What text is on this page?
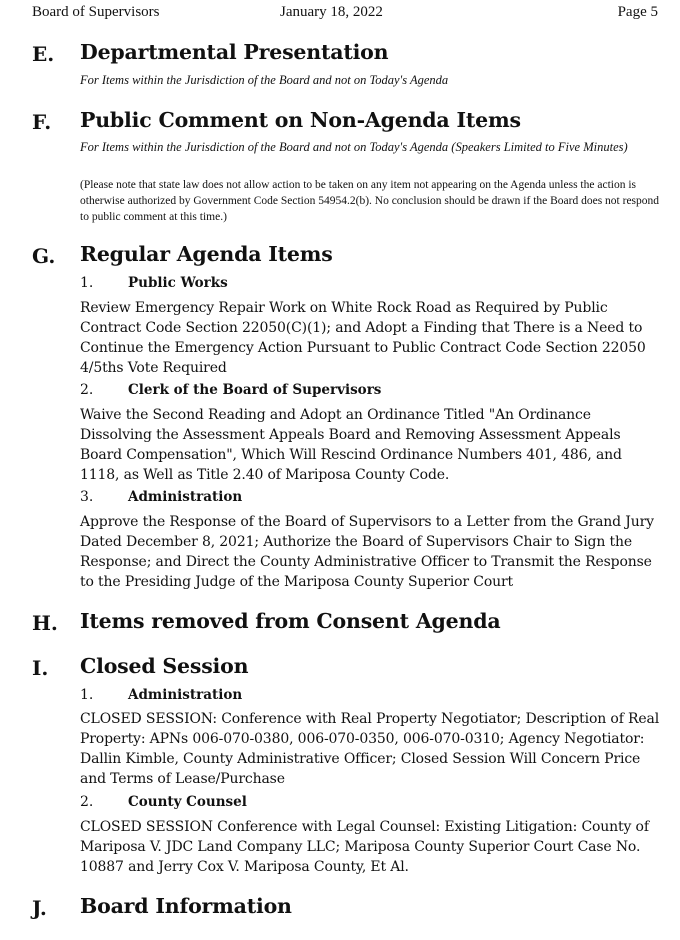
Board of Supervisors	January 18, 2022	Page 5
E. Departmental Presentation
For Items within the Jurisdiction of the Board and not on Today's Agenda
F. Public Comment on Non-Agenda Items
For Items within the Jurisdiction of the Board and not on Today's Agenda (Speakers Limited to Five Minutes)
(Please note that state law does not allow action to be taken on any item not appearing on the Agenda unless the action is otherwise authorized by Government Code Section 54954.2(b). No conclusion should be drawn if the Board does not respond to public comment at this time.)
G. Regular Agenda Items
1.	Public Works
Review Emergency Repair Work on White Rock Road as Required by Public Contract Code Section 22050(C)(1); and Adopt a Finding that There is a Need to Continue the Emergency Action Pursuant to Public Contract Code Section 22050 4/5ths Vote Required
2.	Clerk of the Board of Supervisors
Waive the Second Reading and Adopt an Ordinance Titled "An Ordinance Dissolving the Assessment Appeals Board and Removing Assessment Appeals Board Compensation", Which Will Rescind Ordinance Numbers 401, 486, and 1118, as Well as Title 2.40 of Mariposa County Code.
3.	Administration
Approve the Response of the Board of Supervisors to a Letter from the Grand Jury Dated December 8, 2021; Authorize the Board of Supervisors Chair to Sign the Response; and Direct the County Administrative Officer to Transmit the Response to the Presiding Judge of the Mariposa County Superior Court
H. Items removed from Consent Agenda
I. Closed Session
1.	Administration
CLOSED SESSION: Conference with Real Property Negotiator; Description of Real Property: APNs 006-070-0380, 006-070-0350, 006-070-0310; Agency Negotiator: Dallin Kimble, County Administrative Officer; Closed Session Will Concern Price and Terms of Lease/Purchase
2.	County Counsel
CLOSED SESSION Conference with Legal Counsel: Existing Litigation: County of Mariposa V. JDC Land Company LLC; Mariposa County Superior Court Case No. 10887 and Jerry Cox V. Mariposa County, Et Al.
J. Board Information
